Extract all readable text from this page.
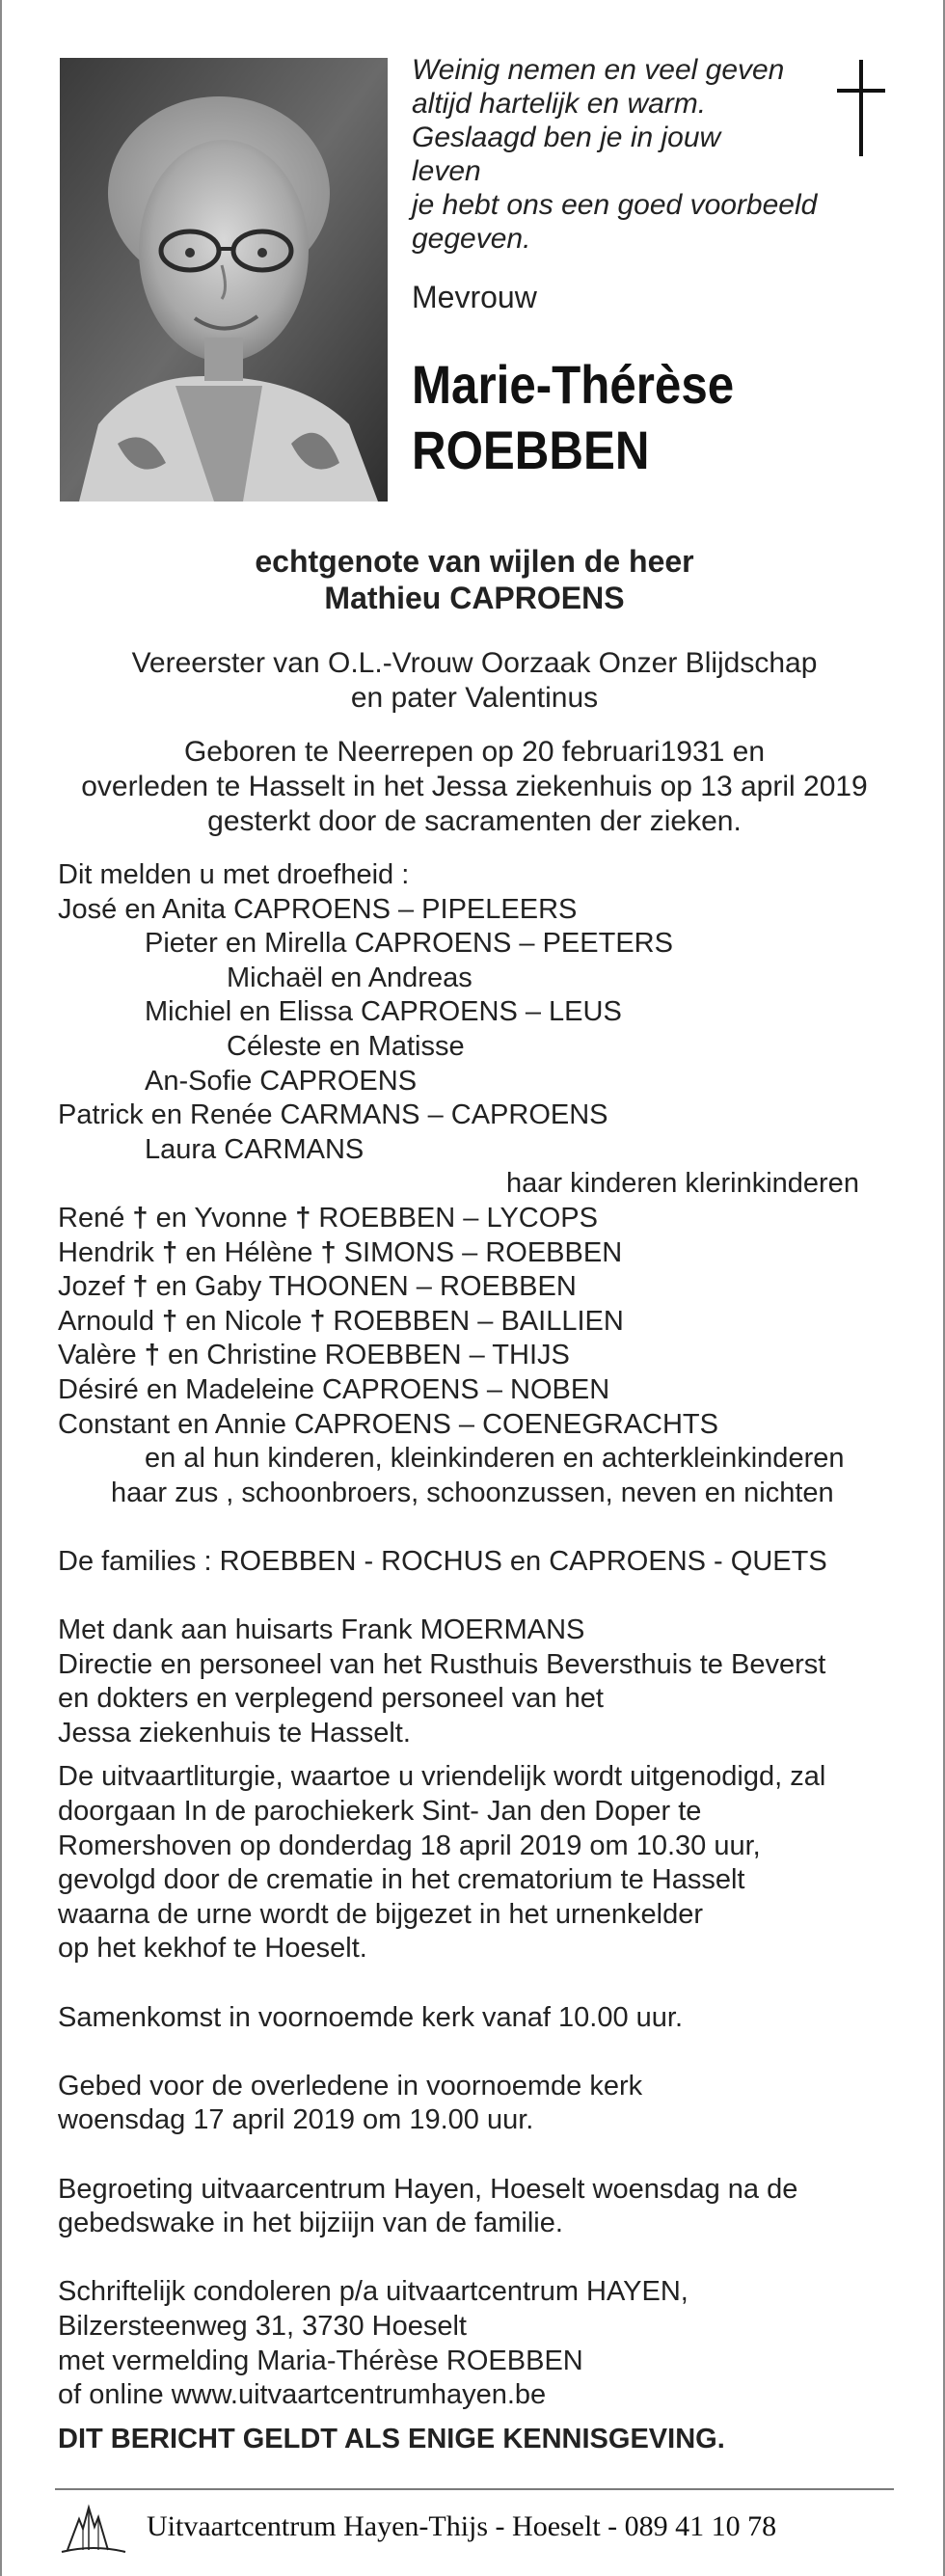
Weinig nemen en veel geven
altijd hartelijk en warm.
Geslaagd ben je in jouw
leven
je hebt ons een goed voorbeeld
gegeven.
Mevrouw
Marie-Thérèse
ROEBBEN
echtgenote van wijlen de heer
Mathieu CAPROENS
Vereerster van O.L.-Vrouw Oorzaak Onzer Blijdschap
en pater Valentinus
Geboren te Neerrepen op 20 februari1931 en
overleden te Hasselt in het Jessa ziekenhuis op 13 april 2019
gesterkt door de sacramenten der zieken.
Dit melden u met droefheid :
José en Anita CAPROENS – PIPELEERS
Pieter en Mirella CAPROENS – PEETERS
Michaël en Andreas
Michiel en Elissa CAPROENS – LEUS
Céleste en Matisse
An-Sofie CAPROENS
Patrick en Renée CARMANS – CAPROENS
Laura CARMANS
haar kinderen klerinkinderen
René † en Yvonne † ROEBBEN – LYCOPS
Hendrik † en Hélène † SIMONS – ROEBBEN
Jozef † en Gaby THOONEN – ROEBBEN
Arnould † en Nicole † ROEBBEN – BAILLIEN
Valère † en Christine ROEBBEN – THIJS
Désiré en Madeleine CAPROENS – NOBEN
Constant en Annie CAPROENS – COENEGRACHTS
en al hun kinderen, kleinkinderen en achterkleinkinderen
haar zus , schoonbroers, schoonzussen, neven en nichten
De families : ROEBBEN - ROCHUS en CAPROENS - QUETS
Met dank aan huisarts Frank MOERMANS
Directie en personeel van het Rusthuis Beversthuis te Beverst
en dokters en verplegend personeel van het
Jessa ziekenhuis te Hasselt.
De uitvaartliturgie, waartoe u vriendelijk wordt uitgenodigd, zal
doorgaan In de parochiekerk Sint- Jan den Doper te
Romershoven op donderdag 18 april 2019 om 10.30 uur,
gevolgd door de crematie in het crematorium te Hasselt
waarna de urne wordt de bijgezet in het urnenkelder
op het kekhof te Hoeselt.
Samenkomst in voornoemde kerk vanaf 10.00 uur.
Gebed voor de overledene in voornoemde kerk
woensdag 17 april 2019 om 19.00 uur.
Begroeting uitvaarcentrum Hayen, Hoeselt woensdag na de
gebedswake in het bijziijn van de familie.
Schriftelijk condoleren p/a uitvaartcentrum HAYEN,
Bilzersteenweg 31, 3730 Hoeselt
met vermelding Maria-Thérèse ROEBBEN
of online www.uitvaartcentrumhayen.be
DIT BERICHT GELDT ALS ENIGE KENNISGEVING.
Uitvaartcentrum Hayen-Thijs - Hoeselt - 089 41 10 78
